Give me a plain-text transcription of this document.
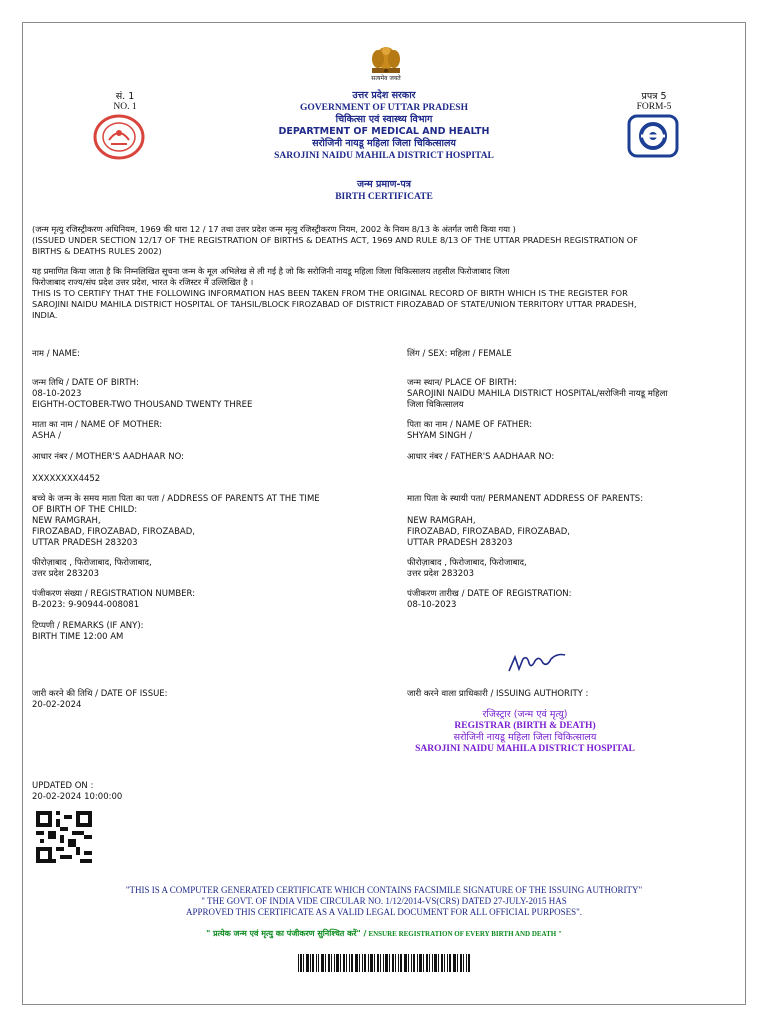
सत्यमेव जयते
सं. 1
NO. 1
उत्तर प्रदेश सरकार
GOVERNMENT OF UTTAR PRADESH
चिकित्सा एवं स्वास्थ्य विभाग
DEPARTMENT OF MEDICAL AND HEALTH
सरोजिनी नायडू महिला जिला चिकित्सालय
SAROJINI NAIDU MAHILA DISTRICT HOSPITAL
प्रपत्र 5
FORM-5
जन्म प्रमाण-पत्र
BIRTH CERTIFICATE
(जन्म मृत्यु रजिस्ट्रीकरण अधिनियम, 1969 की धारा 12 / 17 तथा उत्तर प्रदेश जन्म मृत्यु रजिस्ट्रीकरण नियम, 2002 के नियम 8/13 के अंतर्गत जारी किया गया )
(ISSUED UNDER SECTION 12/17 OF THE REGISTRATION OF BIRTHS & DEATHS ACT, 1969 AND RULE 8/13 OF THE UTTAR PRADESH REGISTRATION OF
BIRTHS & DEATHS RULES 2002)
यह प्रमाणित किया जाता है कि निम्नलिखित सूचना जन्म के मूल अभिलेख से ली गई है जो कि सरोजिनी नायडू महिला जिला चिकित्सालय तहसील फिरोजाबाद जिला
फिरोजाबाद राज्य/संघ प्रदेश उत्तर प्रदेश, भारत के रजिस्टर में उल्लिखित है ।
THIS IS TO CERTIFY THAT THE FOLLOWING INFORMATION HAS BEEN TAKEN FROM THE ORIGINAL RECORD OF BIRTH WHICH IS THE REGISTER FOR
SAROJINI NAIDU MAHILA DISTRICT HOSPITAL OF TAHSIL/BLOCK FIROZABAD OF DISTRICT FIROZABAD OF STATE/UNION TERRITORY UTTAR PRADESH,
INDIA.
नाम / NAME:
जन्म तिथि / DATE OF BIRTH:
08-10-2023
EIGHTH-OCTOBER-TWO THOUSAND TWENTY THREE
माता का नाम / NAME OF MOTHER:
ASHA /
आधार नंबर / MOTHER'S AADHAAR NO:
XXXXXXXX4452
बच्चे के जन्म के समय माता पिता का पता / ADDRESS OF PARENTS AT THE TIME
OF BIRTH OF THE CHILD:
NEW RAMGRAH,
FIROZABAD, FIROZABAD, FIROZABAD,
UTTAR PRADESH 283203
फीरोज़ाबाद , फिरोजाबाद, फिरोजाबाद,
उत्तर प्रदेश 283203
पंजीकरण संख्या / REGISTRATION NUMBER:
B-2023: 9-90944-008081
टिप्पणी / REMARKS (IF ANY):
BIRTH TIME 12:00 AM
जारी करने की तिथि / DATE OF ISSUE:
20-02-2024
UPDATED ON :
20-02-2024 10:00:00
लिंग / SEX: महिला / FEMALE
जन्म स्थान/ PLACE OF BIRTH:
SAROJINI NAIDU MAHILA DISTRICT HOSPITAL/सरोजिनी नायडू महिला
जिला चिकित्सालय
पिता का नाम / NAME OF FATHER:
SHYAM SINGH /
आधार नंबर / FATHER'S AADHAAR NO:
माता पिता के स्थायी पता/ PERMANENT ADDRESS OF PARENTS:
NEW RAMGRAH,
FIROZABAD, FIROZABAD, FIROZABAD,
UTTAR PRADESH 283203
फीरोज़ाबाद , फिरोजाबाद, फिरोजाबाद,
उत्तर प्रदेश 283203
पंजीकरण तारीख / DATE OF REGISTRATION:
08-10-2023
जारी करने वाला प्राधिकारी / ISSUING AUTHORITY :
रजिस्ट्रार (जन्म एवं मृत्यु)
REGISTRAR (BIRTH & DEATH)
सरोजिनी नायडू महिला जिला चिकित्सालय
SAROJINI NAIDU MAHILA DISTRICT HOSPITAL
"THIS IS A COMPUTER GENERATED CERTIFICATE WHICH CONTAINS FACSIMILE SIGNATURE OF THE ISSUING AUTHORITY"
" THE GOVT. OF INDIA VIDE CIRCULAR NO. 1/12/2014-VS(CRS) DATED 27-JULY-2015 HAS
APPROVED THIS CERTIFICATE AS A VALID LEGAL DOCUMENT FOR ALL OFFICIAL PURPOSES".
" प्रत्येक जन्म एवं मृत्यु का पंजीकरण सुनिश्चित करें" / ENSURE REGISTRATION OF EVERY BIRTH AND DEATH "
